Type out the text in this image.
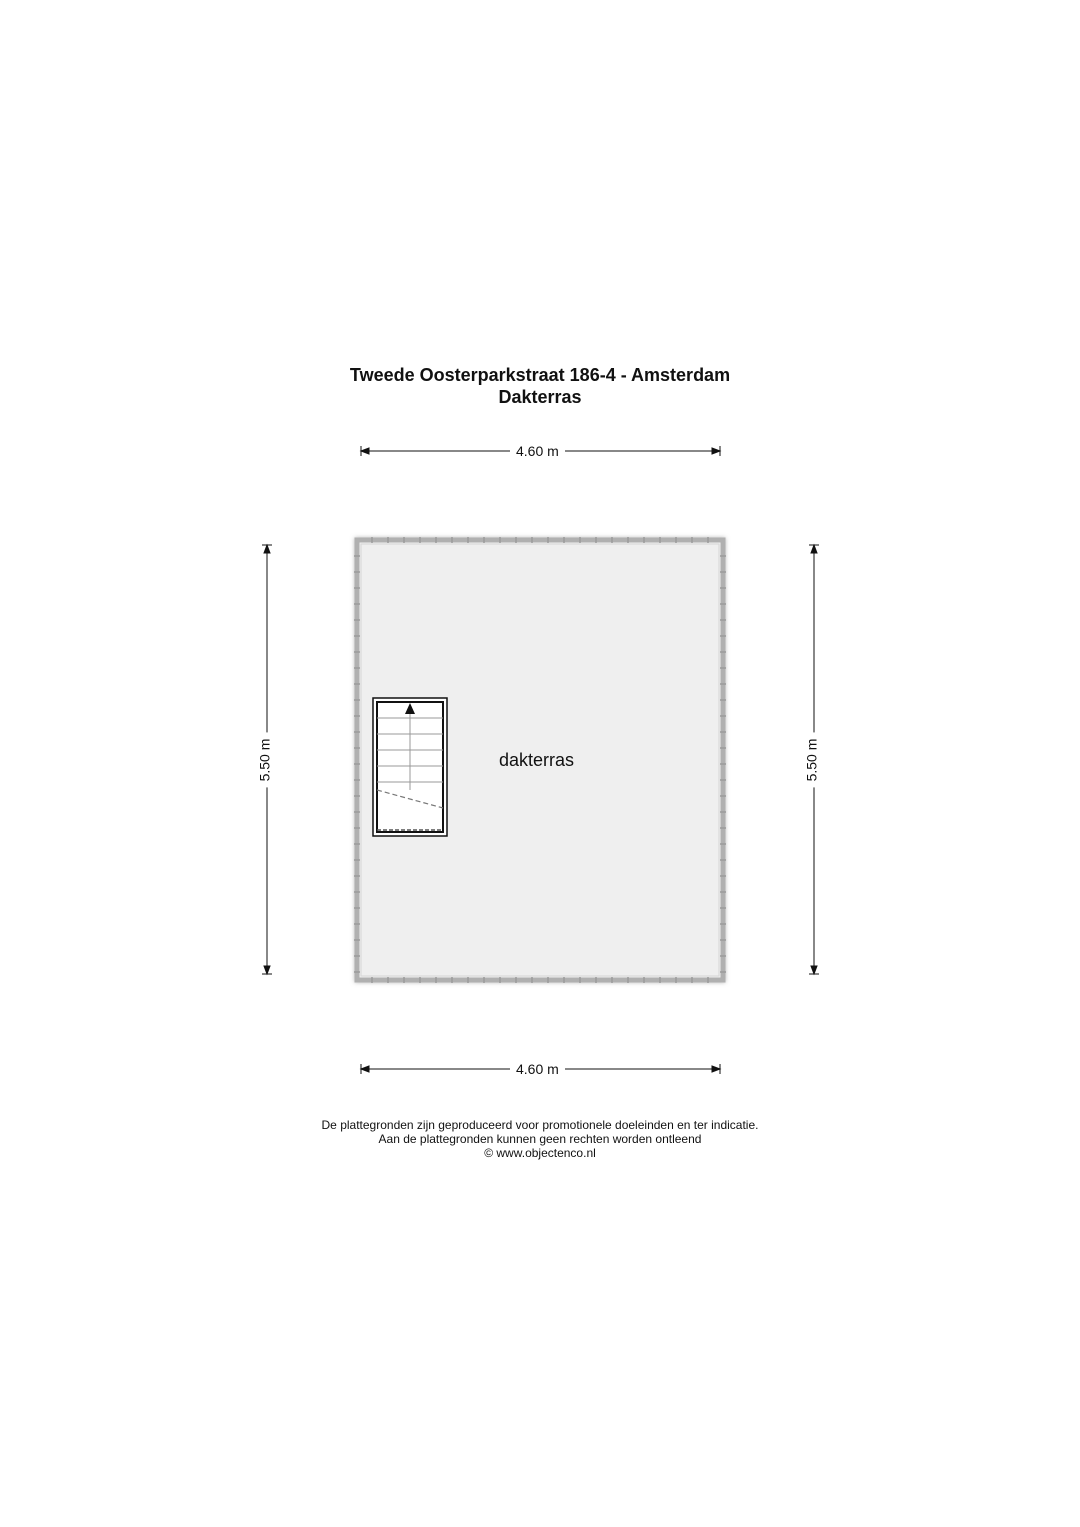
Tweede Oosterparkstraat 186-4 - Amsterdam
Dakterras
4.60 m
4.60 m
5.50 m	5.50 m
dakterras
De plattegronden zijn geproduceerd voor promotionele doeleinden en ter indicatie.
Aan de plattegronden kunnen geen rechten worden ontleend
© www.objectenco.nl
